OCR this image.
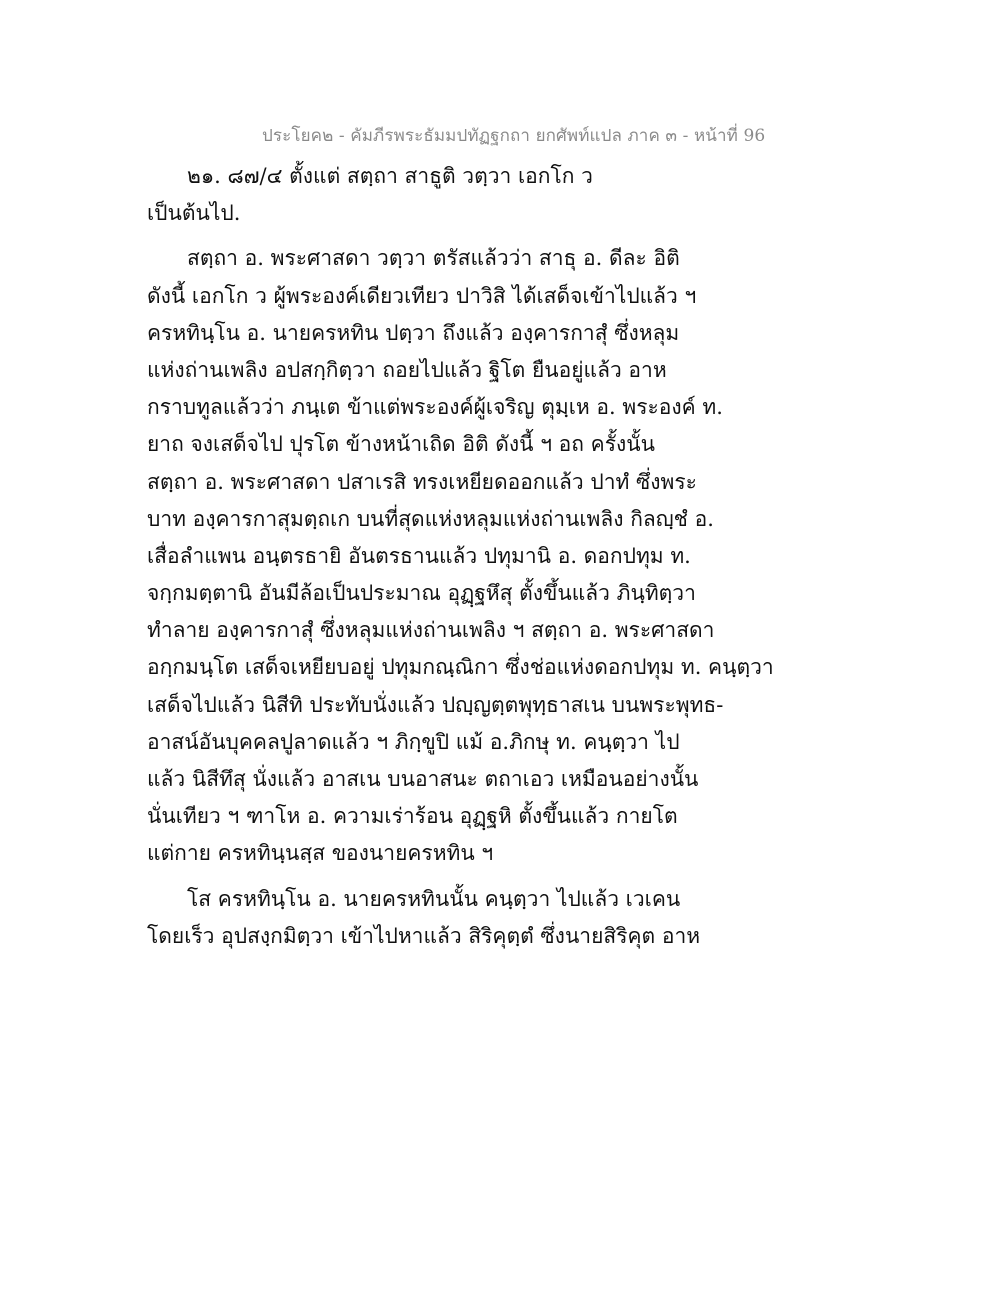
ประโยค๒ - คัมภีรพระธัมมปทัฏฐกถา ยกศัพท์แปล ภาค ๓ - หน้าที่ 96
๒๑. ๘๗/๔ ตั้งแต่ สตฺถา สาธูติ วตฺวา เอกโก ว
เป็นต้นไป.
สตฺถา อ. พระศาสดา วตฺวา ตรัสแล้วว่า สาธุ อ. ดีละ อิติ
ดังนี้ เอกโก ว ผู้พระองค์เดียวเทียว ปาวิสิ ได้เสด็จเข้าไปแล้ว ฯ
ครหทินฺโน อ. นายครหทิน ปตฺวา ถึงแล้ว องฺคารกาสุํ ซึ่งหลุม
แห่งถ่านเพลิง อปสกฺกิตฺวา ถอยไปแล้ว ฐิโต ยืนอยู่แล้ว อาห
กราบทูลแล้วว่า ภนฺเต ข้าแต่พระองค์ผู้เจริญ ตุมฺเห อ. พระองค์ ท.
ยาถ จงเสด็จไป ปุรโต ข้างหน้าเถิด อิติ ดังนี้ ฯ อถ ครั้งนั้น
สตฺถา อ. พระศาสดา ปสาเรสิ ทรงเหยียดออกแล้ว ปาทํ ซึ่งพระ
บาท องฺคารกาสุมตฺถเก บนที่สุดแห่งหลุมแห่งถ่านเพลิง กิลญฺชํ อ.
เสื่อลำแพน อนฺตรธายิ อันตรธานแล้ว ปทุมานิ อ. ดอกปทุม ท.
จกฺกมตฺตานิ อันมีล้อเป็นประมาณ อุฏฺฐหึสุ ตั้งขึ้นแล้ว ภินฺทิตฺวา
ทำลาย องฺคารกาสุํ ซึ่งหลุมแห่งถ่านเพลิง ฯ สตฺถา อ. พระศาสดา
อกฺกมนฺโต เสด็จเหยียบอยู่ ปทุมกณฺณิกา ซึ่งช่อแห่งดอกปทุม ท. คนฺตฺวา
เสด็จไปแล้ว นิสีทิ ประทับนั่งแล้ว ปญฺญตฺตพุทฺธาสเน บนพระพุทธ-
อาสน์อันบุคคลปูลาดแล้ว ฯ ภิกฺขูปิ แม้ อ.ภิกษุ ท. คนฺตฺวา ไป
แล้ว นิสีทึสุ นั่งแล้ว อาสเน บนอาสนะ ตถาเอว เหมือนอย่างนั้น
นั่นเทียว ฯ ฑาโห อ. ความเร่าร้อน อุฏฺฐหิ ตั้งขึ้นแล้ว กายโต
แต่กาย ครหทินฺนสฺส ของนายครหทิน ฯ
โส ครหทินฺโน อ. นายครหทินนั้น คนฺตฺวา ไปแล้ว เวเคน
โดยเร็ว อุปสงฺกมิตฺวา เข้าไปหาแล้ว สิริคุตฺตํ ซึ่งนายสิริคุต อาห
